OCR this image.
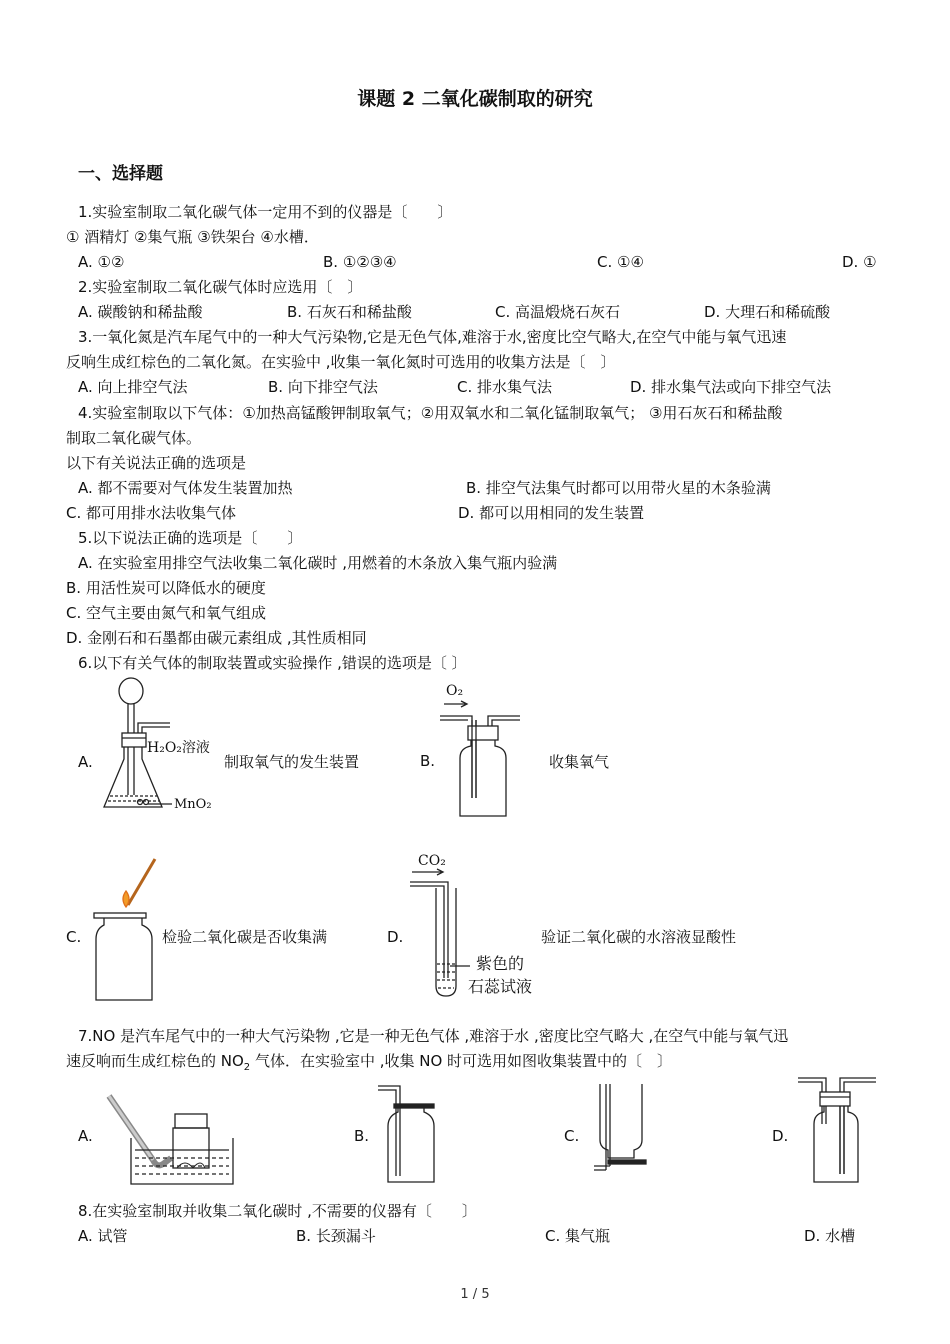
课题 2 二氧化碳制取的研究
一、选择题
1.实验室制取二氧化碳气体一定用不到的仪器是〔　　〕
① 酒精灯 ②集气瓶 ③铁架台 ④水槽．
A. ①②	B. ①②③④	C. ①④	D. ①
2.实验室制取二氧化碳气体时应选用〔　〕
A. 碳酸钠和稀盐酸	B. 石灰石和稀盐酸	C. 高温煅烧石灰石	D. 大理石和稀硫酸
3.一氧化氮是汽车尾气中的一种大气污染物,它是无色气体,难溶于水,密度比空气略大,在空气中能与氧气迅速
反响生成红棕色的二氧化氮。在实验中 ,收集一氧化氮时可选用的收集方法是〔　〕
A. 向上排空气法	B. 向下排空气法	C. 排水集气法	D. 排水集气法或向下排空气法
4.实验室制取以下气体：①加热高锰酸钾制取氧气；②用双氧水和二氧化锰制取氧气； ③用石灰石和稀盐酸
制取二氧化碳气体。
以下有关说法正确的选项是
A. 都不需要对气体发生装置加热	B. 排空气法集气时都可以用带火星的木条验满
C. 都可用排水法收集气体	D. 都可以用相同的发生装置
5.以下说法正确的选项是〔　　〕
A. 在实验室用排空气法收集二氧化碳时 ,用燃着的木条放入集气瓶内验满
B. 用活性炭可以降低水的硬度
C. 空气主要由氮气和氧气组成
D. 金刚石和石墨都由碳元素组成 ,其性质相同
6.以下有关气体的制取装置或实验操作 ,错误的选项是〔 〕
A.
H₂O₂溶液
MnO₂
制取氧气的发生装置	B.
O₂
收集氧气
C.	检验二氧化碳是否收集满	D.
CO₂
紫色的
石蕊试液
验证二氧化碳的水溶液显酸性
7.NO 是汽车尾气中的一种大气污染物 ,它是一种无色气体 ,难溶于水 ,密度比空气略大 ,在空气中能与氧气迅
速反响而生成红棕色的 $NO_2$ 气体．在实验室中 ,收集 NO 时可选用如图收集装置中的〔　〕
A.	B.	C.	D.
8.在实验室制取并收集二氧化碳时 ,不需要的仪器有〔　　〕
A. 试管	B. 长颈漏斗	C. 集气瓶	D. 水槽
1 / 5
